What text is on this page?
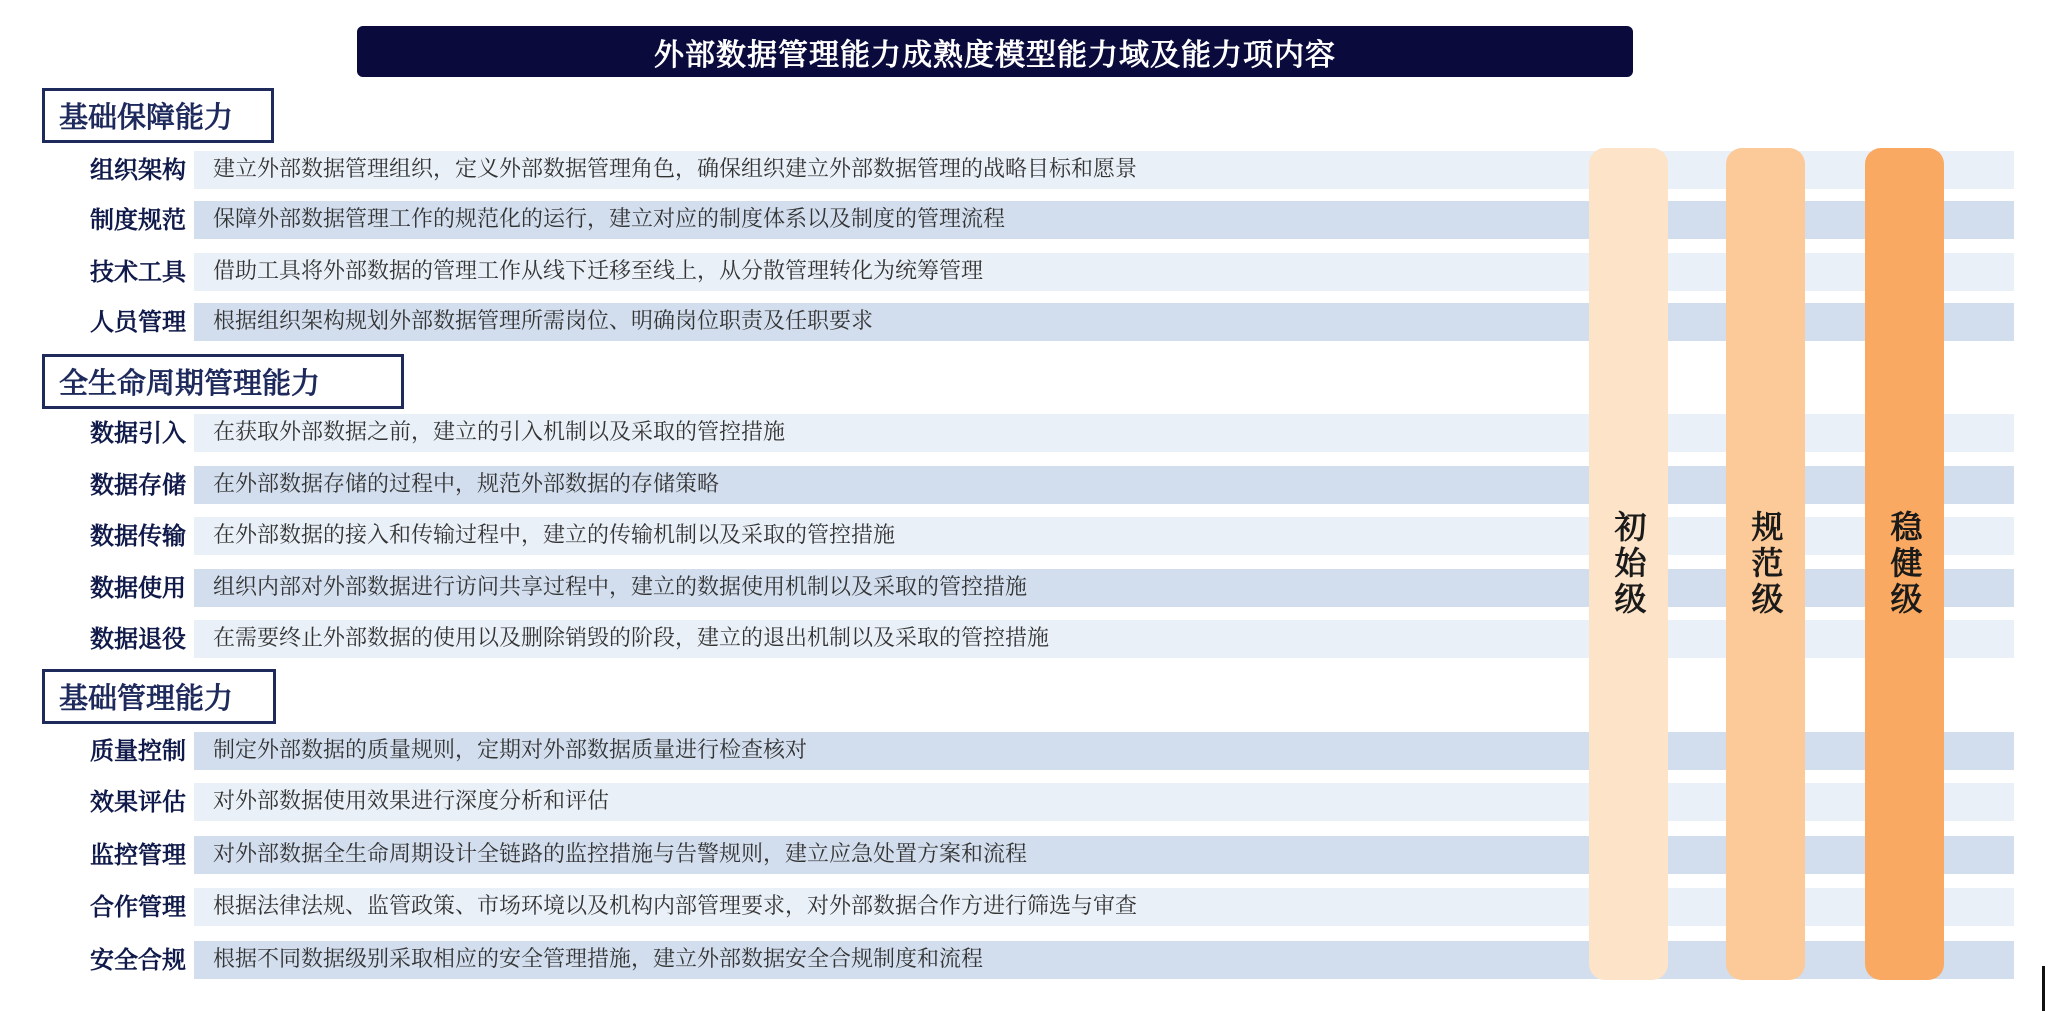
外部数据管理能力成熟度模型能力域及能力项内容
基础保障能力
组织架构 建立外部数据管理组织，定义外部数据管理角色，确保组织建立外部数据管理的战略目标和愿景
制度规范 保障外部数据管理工作的规范化的运行，建立对应的制度体系以及制度的管理流程
技术工具 借助工具将外部数据的管理工作从线下迁移至线上，从分散管理转化为统筹管理
人员管理 根据组织架构规划外部数据管理所需岗位、明确岗位职责及任职要求
全生命周期管理能力
数据引入 在获取外部数据之前，建立的引入机制以及采取的管控措施
数据存储 在外部数据存储的过程中，规范外部数据的存储策略
数据传输 在外部数据的接入和传输过程中，建立的传输机制以及采取的管控措施
数据使用 组织内部对外部数据进行访问共享过程中，建立的数据使用机制以及采取的管控措施
数据退役 在需要终止外部数据的使用以及删除销毁的阶段，建立的退出机制以及采取的管控措施
基础管理能力
质量控制 制定外部数据的质量规则，定期对外部数据质量进行检查核对
效果评估 对外部数据使用效果进行深度分析和评估
监控管理 对外部数据全生命周期设计全链路的监控措施与告警规则，建立应急处置方案和流程
合作管理 根据法律法规、监管政策、市场环境以及机构内部管理要求，对外部数据合作方进行筛选与审查
安全合规 根据不同数据级别采取相应的安全管理措施，建立外部数据安全合规制度和流程
初始级	规范级	稳健级
